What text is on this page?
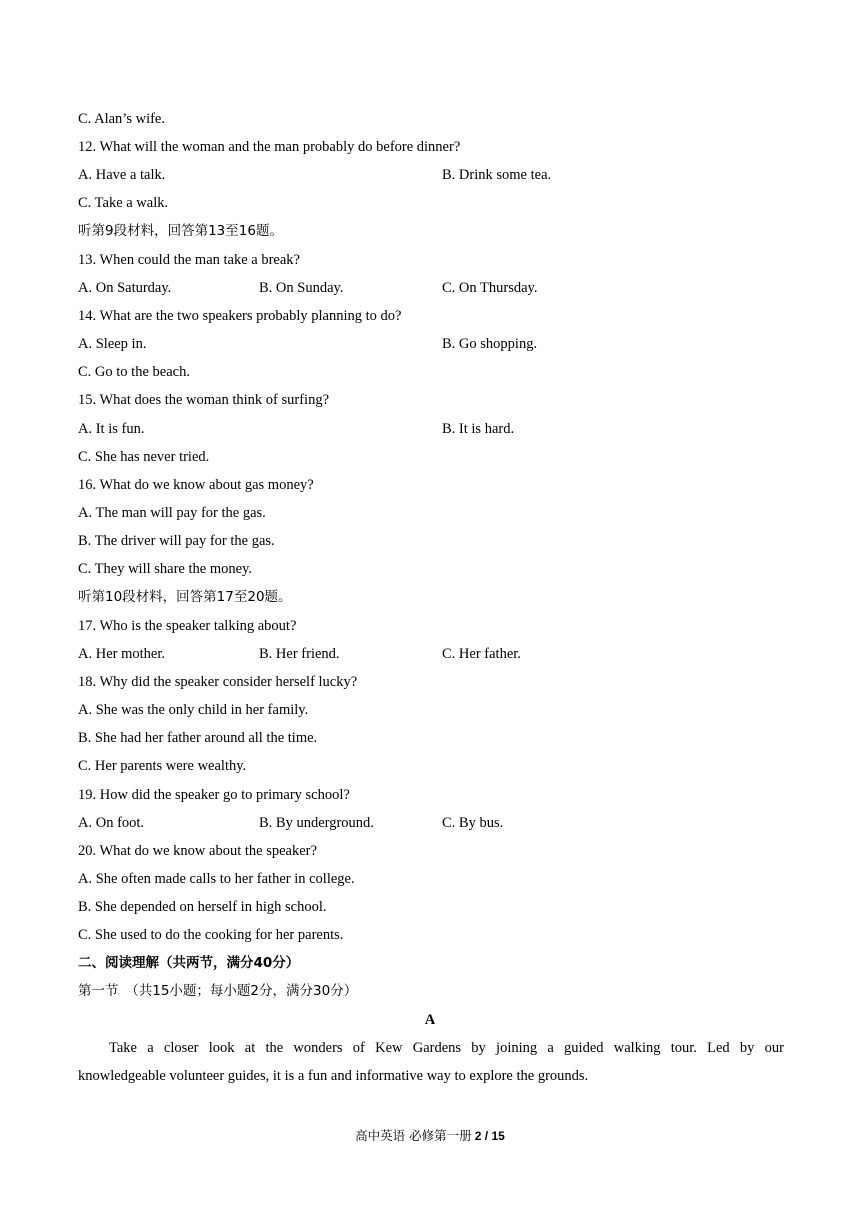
C. Alan’s wife.
12. What will the woman and the man probably do before dinner?
A. Have a talk.	B. Drink some tea.
C. Take a walk.
听第9段材料，回答第13至16题。
13. When could the man take a break?
A. On Saturday.	B. On Sunday.	C. On Thursday.
14. What are the two speakers probably planning to do?
A. Sleep in.	B. Go shopping.
C. Go to the beach.
15. What does the woman think of surfing?
A. It is fun.	B. It is hard.
C. She has never tried.
16. What do we know about gas money?
A. The man will pay for the gas.
B. The driver will pay for the gas.
C. They will share the money.
听第10段材料，回答第17至20题。
17. Who is the speaker talking about?
A. Her mother.	B. Her friend.	C. Her father.
18. Why did the speaker consider herself lucky?
A. She was the only child in her family.
B. She had her father around all the time.
C. Her parents were wealthy.
19. How did the speaker go to primary school?
A. On foot.	B. By underground.	C. By bus.
20. What do we know about the speaker?
A. She often made calls to her father in college.
B. She depended on herself in high school.
C. She used to do the cooking for her parents.
二、阅读理解（共两节，满分40分）
第一节　（共15小题；每小题2分，满分30分）
A
Take a closer look at the wonders of Kew Gardens by joining a guided walking tour. Led by our
knowledgeable volunteer guides, it is a fun and informative way to explore the grounds.
高中英语 必修第一册 2 / 15
